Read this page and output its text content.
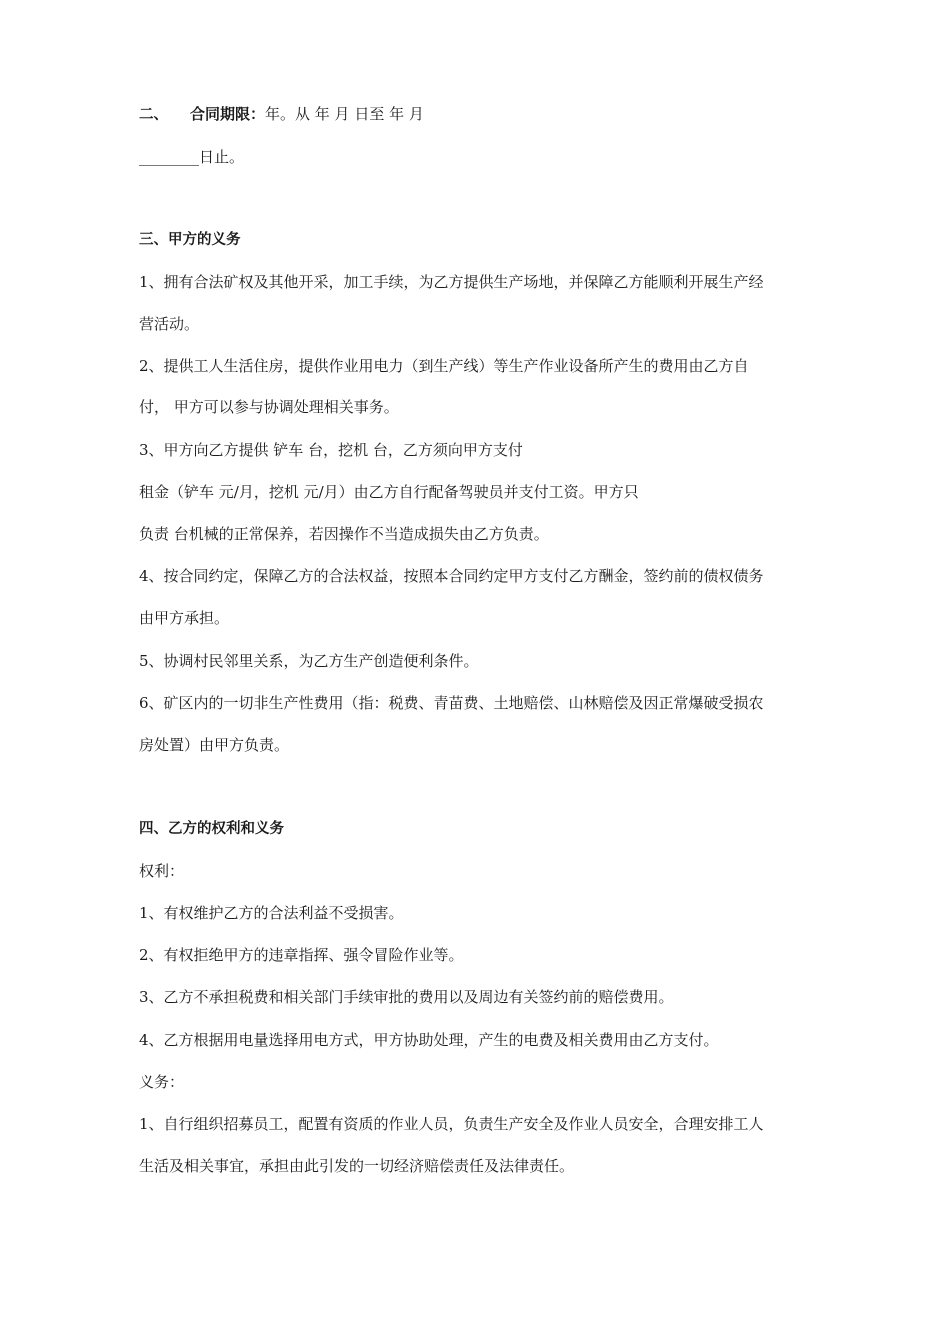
二、 合同期限：年。从 年 月 日至 年 月
________日止。
三、甲方的义务
1、拥有合法矿权及其他开采，加工手续，为乙方提供生产场地，并保障乙方能顺利开展生产经
营活动。
2、提供工人生活住房，提供作业用电力（到生产线）等生产作业设备所产生的费用由乙方自
付， 甲方可以参与协调处理相关事务。
3、甲方向乙方提供 铲车 台，挖机 台，乙方须向甲方支付
租金（铲车 元/月，挖机 元/月）由乙方自行配备驾驶员并支付工资。甲方只
负责 台机械的正常保养，若因操作不当造成损失由乙方负责。
4、按合同约定，保障乙方的合法权益，按照本合同约定甲方支付乙方酬金，签约前的债权债务
由甲方承担。
5、协调村民邻里关系，为乙方生产创造便利条件。
6、矿区内的一切非生产性费用（指：税费、青苗费、土地赔偿、山林赔偿及因正常爆破受损农
房处置）由甲方负责。
四、乙方的权利和义务
权利：
1、有权维护乙方的合法利益不受损害。
2、有权拒绝甲方的违章指挥、强令冒险作业等。
3、乙方不承担税费和相关部门手续审批的费用以及周边有关签约前的赔偿费用。
4、乙方根据用电量选择用电方式，甲方协助处理，产生的电费及相关费用由乙方支付。
义务：
1、自行组织招募员工，配置有资质的作业人员，负责生产安全及作业人员安全，合理安排工人
生活及相关事宜，承担由此引发的一切经济赔偿责任及法律责任。
